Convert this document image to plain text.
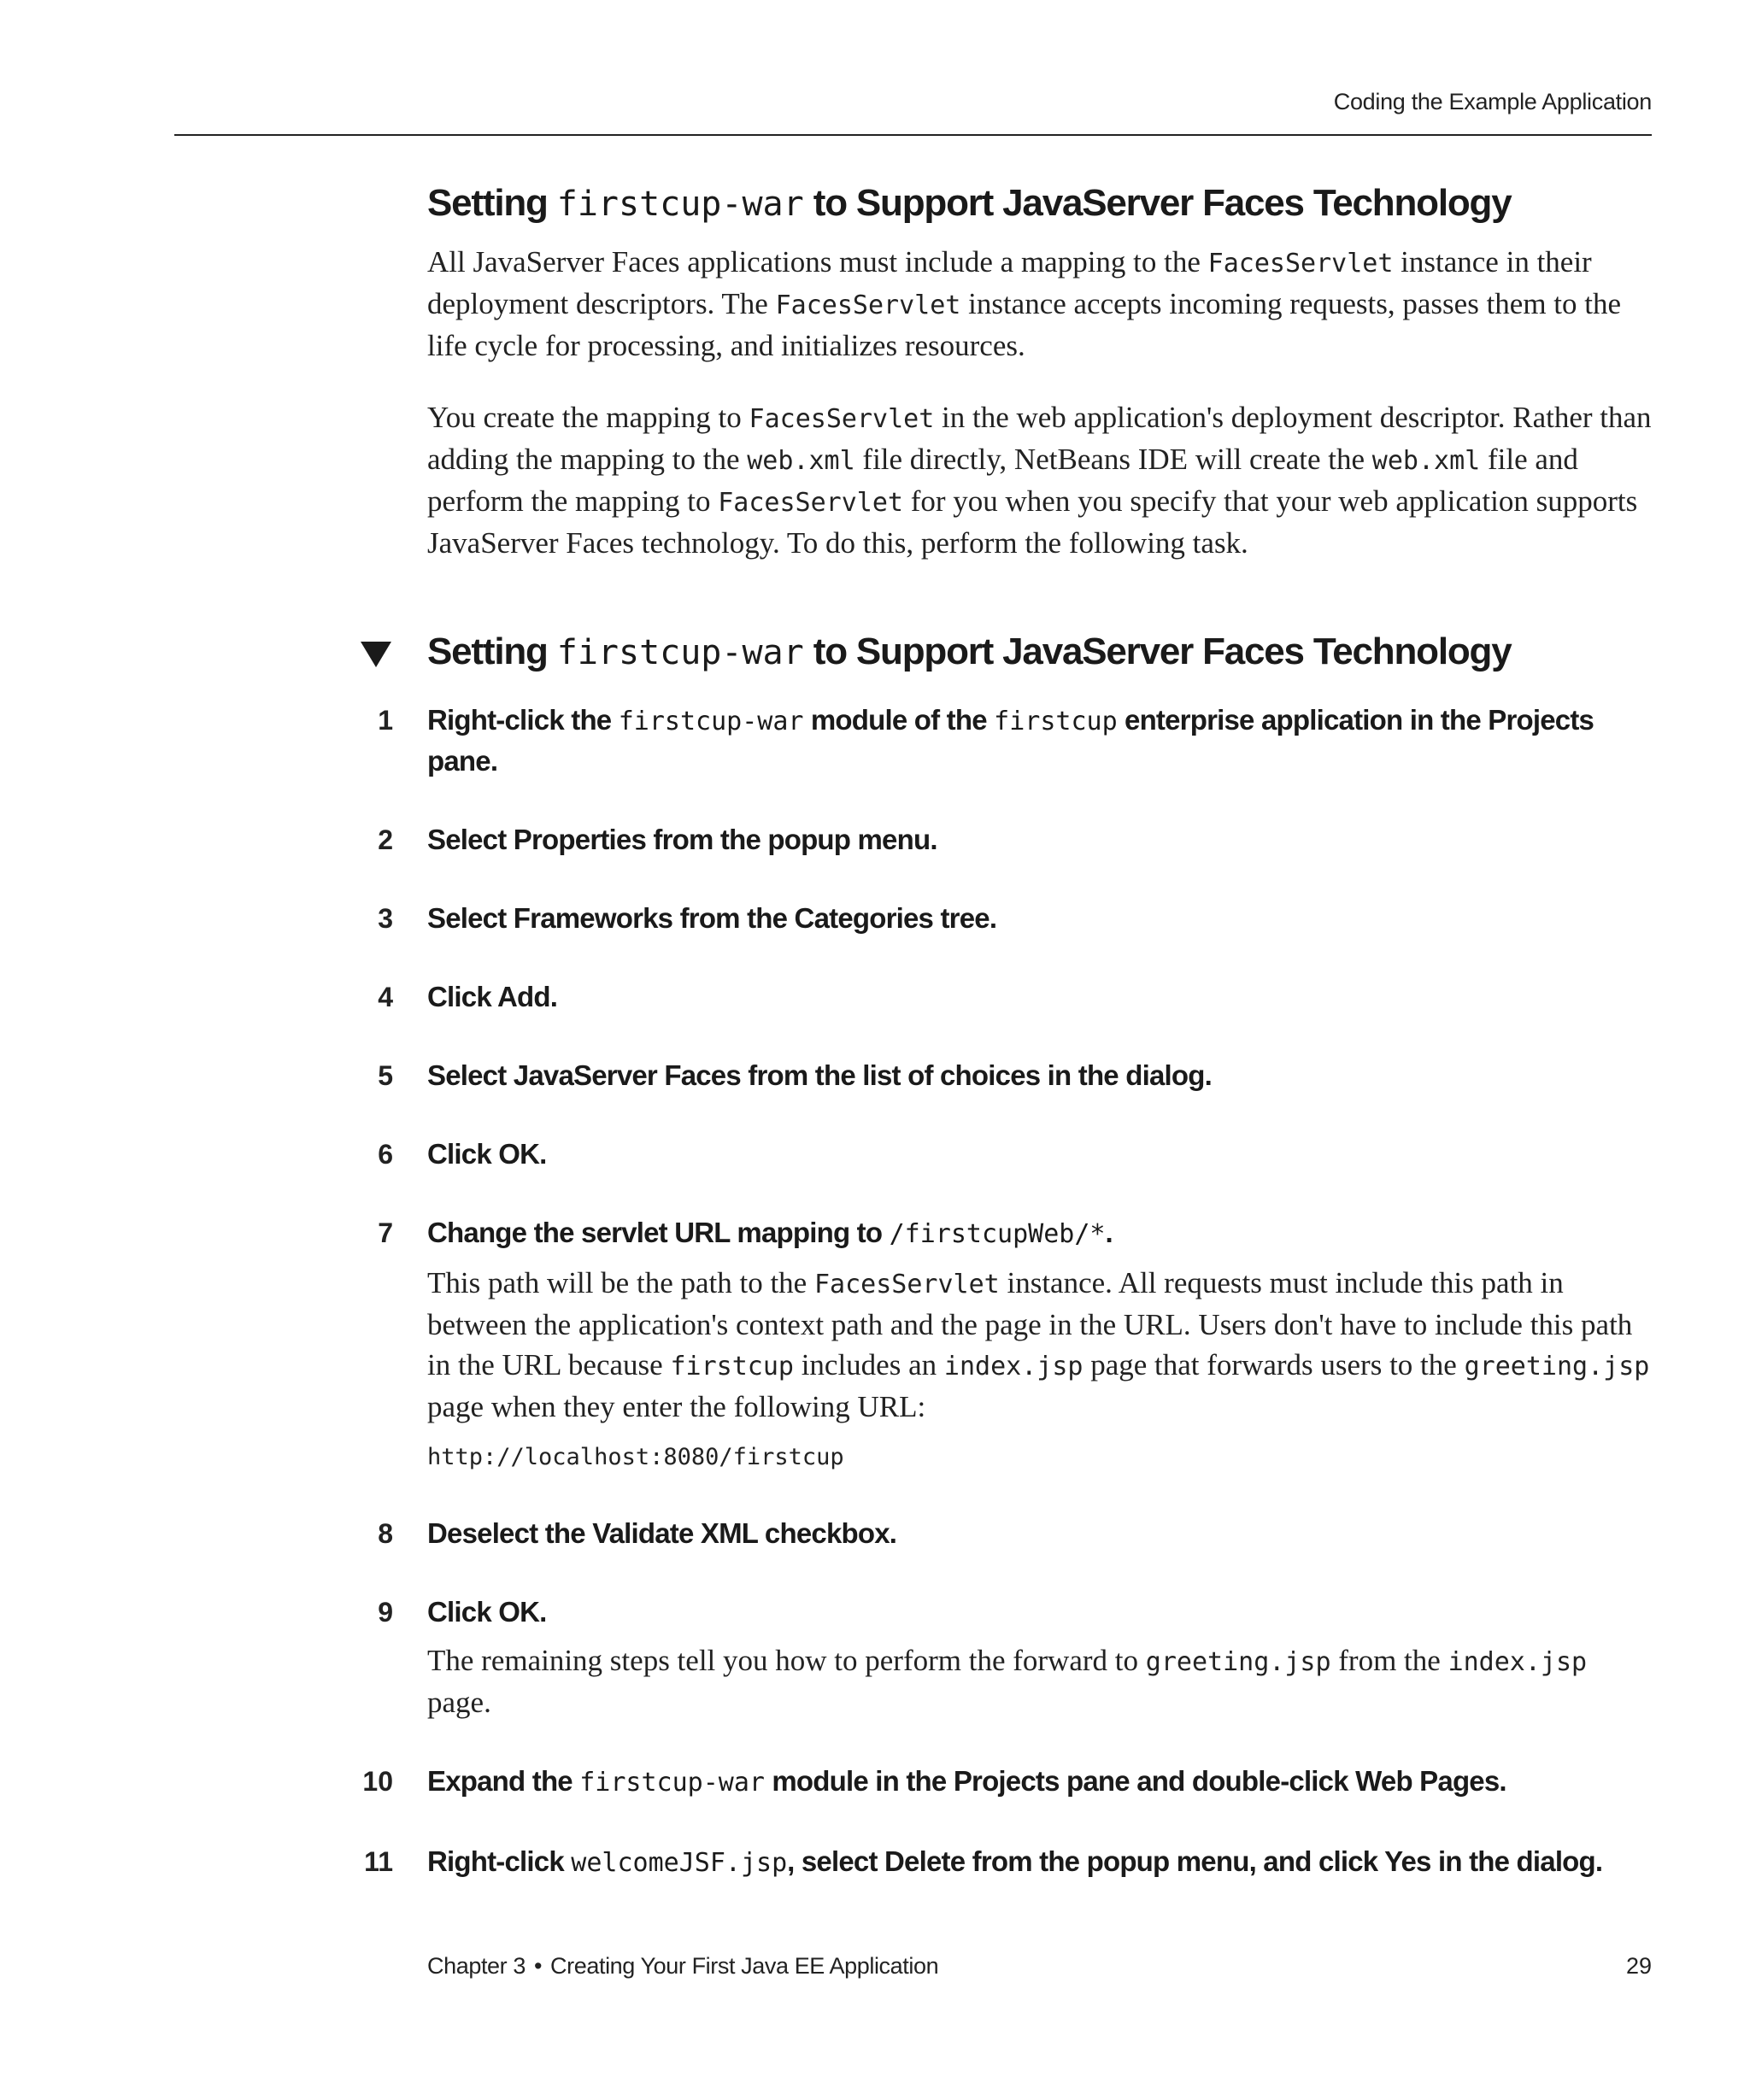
Coding the Example Application
Setting firstcup-war to Support JavaServer Faces Technology

All JavaServer Faces applications must include a mapping to the FacesServlet instance in their deployment descriptors. The FacesServlet instance accepts incoming requests, passes them to the life cycle for processing, and initializes resources.

You create the mapping to FacesServlet in the web application's deployment descriptor. Rather than adding the mapping to the web.xml file directly, NetBeans IDE will create the web.xml file and perform the mapping to FacesServlet for you when you specify that your web application supports JavaServer Faces technology. To do this, perform the following task.

Setting firstcup-war to Support JavaServer Faces Technology
1 Right-click the firstcup-war module of the firstcup enterprise application in the Projects pane.
2 Select Properties from the popup menu.
3 Select Frameworks from the Categories tree.
4 Click Add.
5 Select JavaServer Faces from the list of choices in the dialog.
6 Click OK.
7 Change the servlet URL mapping to /firstcupWeb/*.
This path will be the path to the FacesServlet instance. All requests must include this path in between the application's context path and the page in the URL. Users don't have to include this path in the URL because firstcup includes an index.jsp page that forwards users to the greeting.jsp page when they enter the following URL:
http://localhost:8080/firstcup
8 Deselect the Validate XML checkbox.
9 Click OK.
The remaining steps tell you how to perform the forward to greeting.jsp from the index.jsp page.
10 Expand the firstcup-war module in the Projects pane and double-click Web Pages.
11 Right-click welcomeJSF.jsp, select Delete from the popup menu, and click Yes in the dialog.
Chapter 3 • Creating Your First Java EE Application	29
